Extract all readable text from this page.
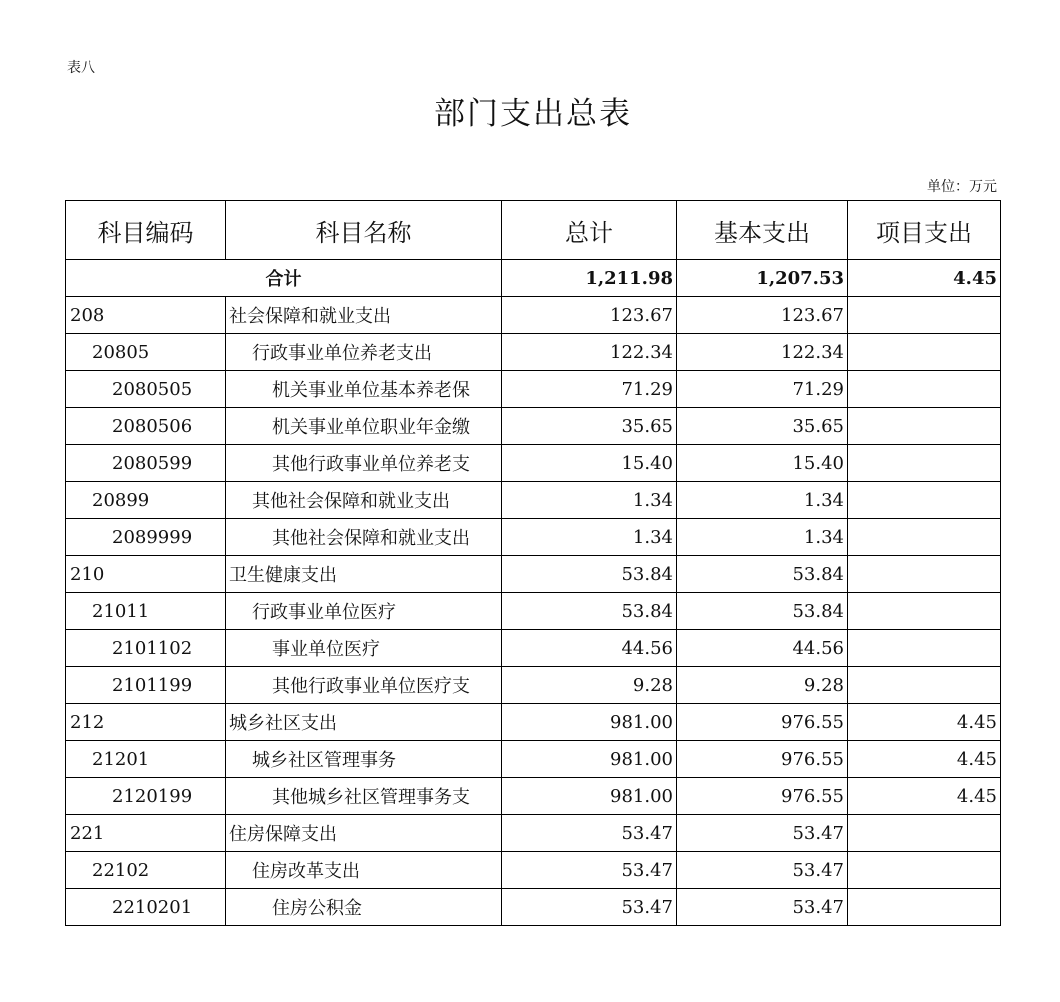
表八
部门支出总表
单位：万元
科目编码	科目名称	总计	基本支出	项目支出
合计		1,211.98	1,207.53	4.45
208	社会保障和就业支出	123.67	123.67	
20805	行政事业单位养老支出	122.34	122.34	
2080505	机关事业单位基本养老保	71.29	71.29	
2080506	机关事业单位职业年金缴	35.65	35.65	
2080599	其他行政事业单位养老支	15.40	15.40	
20899	其他社会保障和就业支出	1.34	1.34	
2089999	其他社会保障和就业支出	1.34	1.34	
210	卫生健康支出	53.84	53.84	
21011	行政事业单位医疗	53.84	53.84	
2101102	事业单位医疗	44.56	44.56	
2101199	其他行政事业单位医疗支	9.28	9.28	
212	城乡社区支出	981.00	976.55	4.45
21201	城乡社区管理事务	981.00	976.55	4.45
2120199	其他城乡社区管理事务支	981.00	976.55	4.45
221	住房保障支出	53.47	53.47	
22102	住房改革支出	53.47	53.47	
2210201	住房公积金	53.47	53.47	
